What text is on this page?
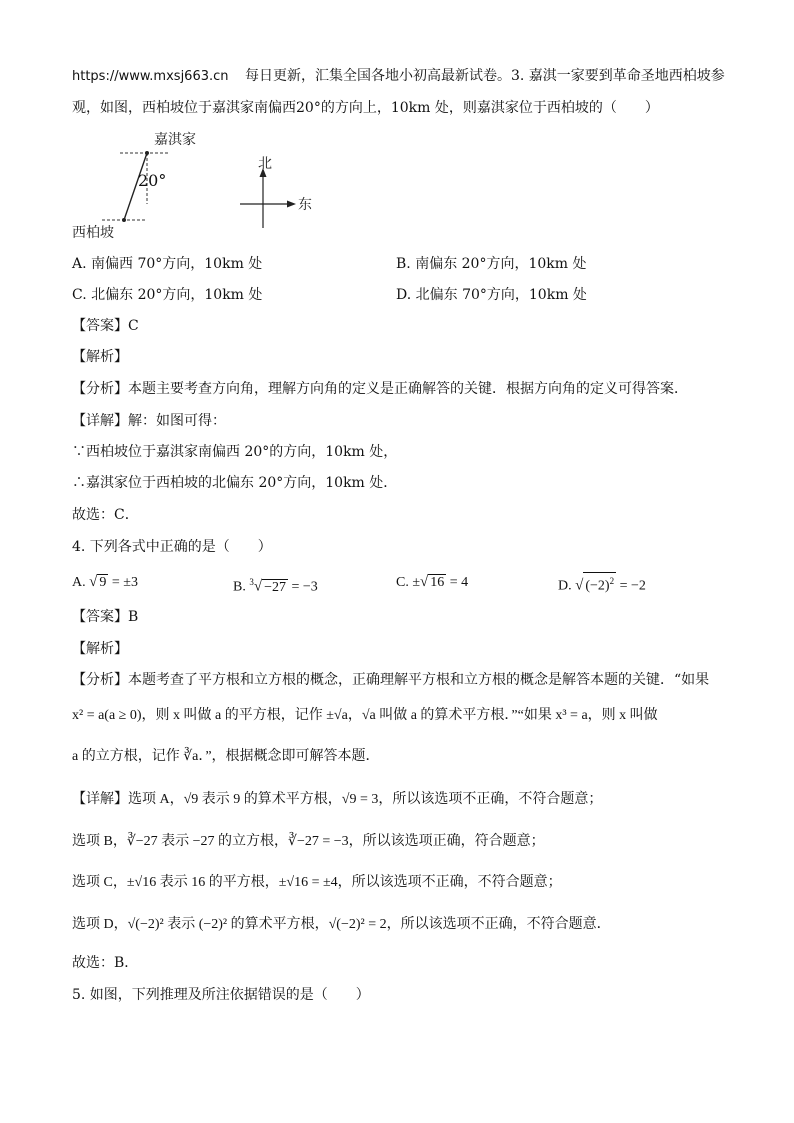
https://www.mxsj663.cn 每日更新，汇集全国各地小初高最新试卷。3. 嘉淇一家要到革命圣地西柏坡参
观，如图，西柏坡位于嘉淇家南偏西20°的方向上，10km 处，则嘉淇家位于西柏坡的（　　）
嘉淇家
20°
西柏坡
北
东
A. 南偏西 70°方向，10km 处	B. 南偏东 20°方向，10km 处
C. 北偏东 20°方向，10km 处	D. 北偏东 70°方向，10km 处
【答案】C
【解析】
【分析】本题主要考查方向角，理解方向角的定义是正确解答的关键．根据方向角的定义可得答案．
【详解】解：如图可得：
∵西柏坡位于嘉淇家南偏西 20°的方向，10km 处，
∴嘉淇家位于西柏坡的北偏东 20°方向，10km 处．
故选：C．
4. 下列各式中正确的是（　　）
A. √ 9 = ±3	B. $^3$√ −27 = −3	C. ±√ 16 = 4	D. √ $(-2)^2 = -2$
【答案】B
【解析】
【分析】本题考查了平方根和立方根的概念，正确理解平方根和立方根的概念是解答本题的关键．“如果
x² = a(a ≥ 0)，则 x 叫做 a 的平方根，记作 ±√a，√a 叫做 a 的算术平方根．”“如果 x³ = a，则 x 叫做
a 的立方根，记作 ∛a．”，根据概念即可解答本题．
【详解】选项 A，√9 表示 9 的算术平方根，√9 = 3，所以该选项不正确，不符合题意；
选项 B，∛−27 表示 −27 的立方根，∛−27 = −3，所以该选项正确，符合题意；
选项 C，±√16 表示 16 的平方根，±√16 = ±4，所以该选项不正确，不符合题意；
选项 D，√(−2)² 表示 (−2)² 的算术平方根，√(−2)² = 2，所以该选项不正确，不符合题意．
故选：B．
5. 如图，下列推理及所注依据错误的是（　　）
